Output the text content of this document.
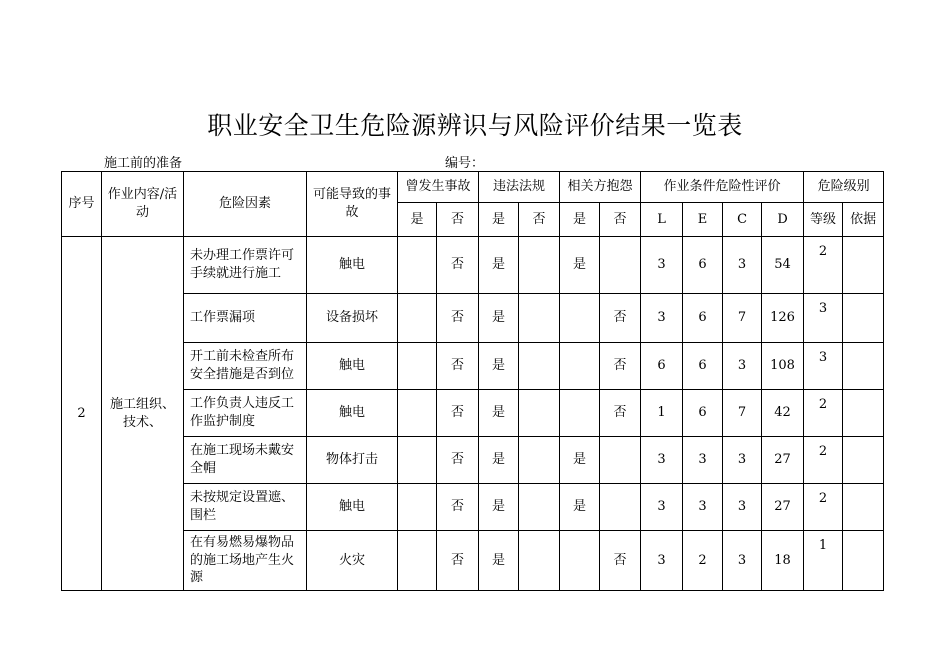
职业安全卫生危险源辨识与风险评价结果一览表
施工前的准备	编号：
序号	作业内容/活动	危险因素	可能导致的事故	曾发生事故		违法法规		相关方抱怨		作业条件危险性评价				危险级别	
				是	否	是	否	是	否	L	E	C	D	等级	依据
2	施工组织、技术、	未办理工作票许可手续就进行施工	触电		否	是		是		3	6	3	54	2	
		工作票漏项	设备损坏		否	是			否	3	6	7	126	3	
		开工前未检查所布安全措施是否到位	触电		否	是			否	6	6	3	108	3	
		工作负责人违反工作监护制度	触电		否	是			否	1	6	7	42	2	
		在施工现场未戴安全帽	物体打击		否	是		是		3	3	3	27	2	
		未按规定设置遮、围栏	触电		否	是		是		3	3	3	27	2	
		在有易燃易爆物品的施工场地产生火源	火灾		否	是			否	3	2	3	18	1	
